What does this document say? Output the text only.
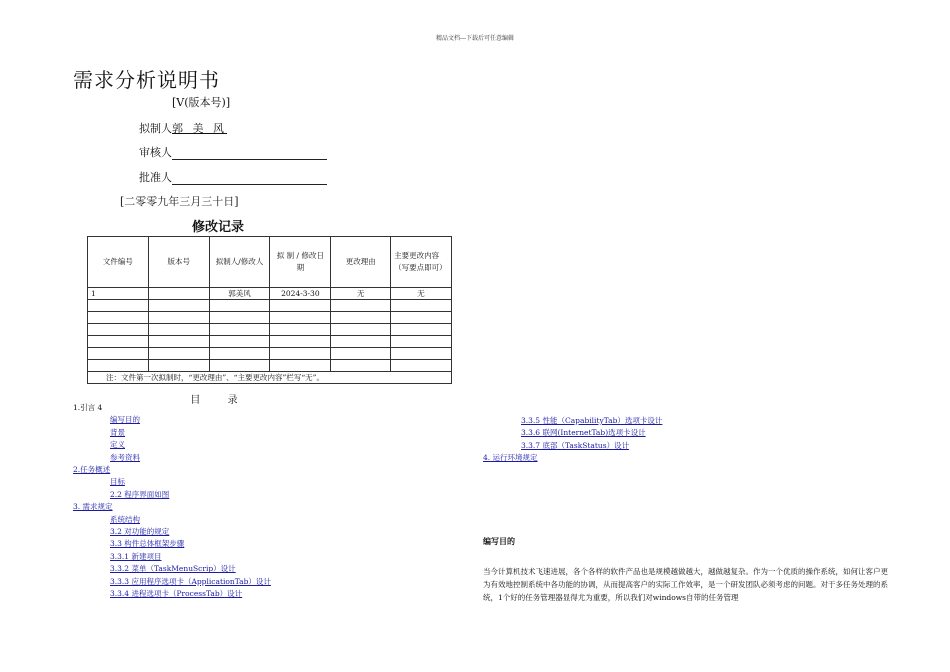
精品文档---下载后可任意编辑
需求分析说明书
[V(版本号)]
拟制人郭 美 风
审核人
批准人
[二零零九年三月三十日]
修改记录
文件编号	版本号	拟制人/修改人	拟 制 / 修改日期	更改理由	主要更改内容（写要点即可）
1		郭美风	2024-3-30	无	无

注：文件第一次拟制时，“更改理由”、“主要更改内容”栏写“无”。					
目 录
1.引言 4
编写目的
背景
定义
参考资料
2.任务概述
目标
2.2 程序界面如图
3. 需求规定
系统结构
3.2 对功能的规定
3.3 构件总体框架步骤
3.3.1 新建项目
3.3.2 菜单（TaskMenuScrip）设计
3.3.3 应用程序选项卡（ApplicationTab）设计
3.3.4 进程选项卡（ProcessTab）设计
3.3.5 性能（CapabilityTab）选项卡设计
3.3.6 联网(InternetTab)选项卡设计
3.3.7 底部（TaskStatus）设计
4. 运行环境规定
编写目的
当今计算机技术飞速进展，各个各样的软件产品也是规模越做越大，越做越复杂。作为一个优质的操作系统，如何让客户更为有效地控制系统中各功能的协调，从而提高客户的实际工作效率，是一个研发团队必须考虑的问题。对于多任务处理的系统，1个好的任务管理器显得尤为重要，所以我们对windows自带的任务管理
